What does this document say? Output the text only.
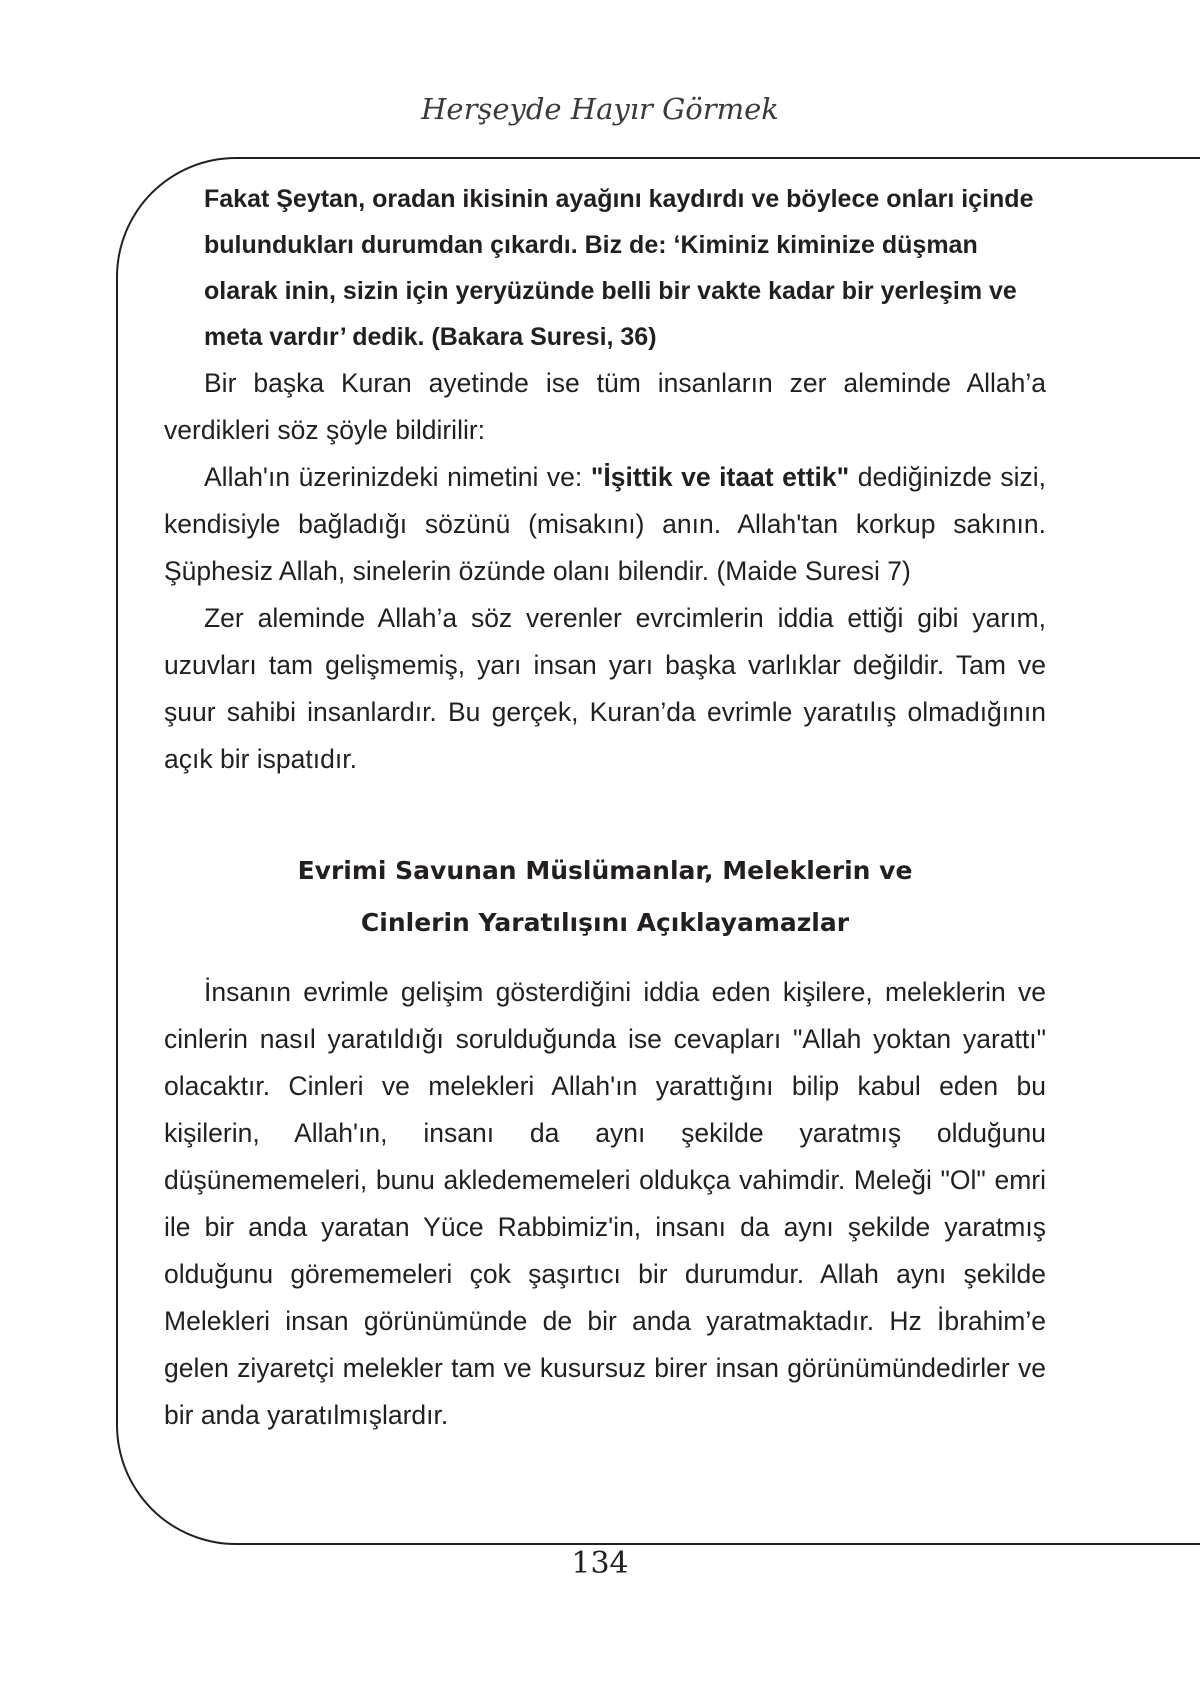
Herşeyde Hayır Görmek

Fakat Şeytan, oradan ikisinin ayağını kaydırdı ve böylece onları içinde bulundukları durumdan çıkardı. Biz de: ‘Kiminiz kiminize düşman olarak inin, sizin için yeryüzünde belli bir vakte kadar bir yerleşim ve meta vardır’ dedik. (Bakara Suresi, 36)

Bir başka Kuran ayetinde ise tüm insanların zer aleminde Allah’a verdikleri söz şöyle bildirilir:

Allah'ın üzerinizdeki nimetini ve: "İşittik ve itaat ettik" dediğinizde sizi, kendisiyle bağladığı sözünü (misakını) anın. Allah'tan korkup sakının. Şüphesiz Allah, sinelerin özünde olanı bilendir. (Maide Suresi 7)

Zer aleminde Allah’a söz verenler evrcimlerin iddia ettiği gibi yarım, uzuvları tam gelişmemiş, yarı insan yarı başka varlıklar değildir. Tam ve şuur sahibi insanlardır. Bu gerçek, Kuran’da evrimle yaratılış olmadığının açık bir ispatıdır.

Evrimi Savunan Müslümanlar, Meleklerin ve
Cinlerin Yaratılışını Açıklayamazlar

İnsanın evrimle gelişim gösterdiğini iddia eden kişilere, meleklerin ve cinlerin nasıl yaratıldığı sorulduğunda ise cevapları "Allah yoktan yarattı" olacaktır. Cinleri ve melekleri Allah'ın yarattığını bilip kabul eden bu kişilerin, Allah'ın, insanı da aynı şekilde yaratmış olduğunu düşünememeleri, bunu akledememeleri oldukça vahimdir. Meleği "Ol" emri ile bir anda yaratan Yüce Rabbimiz'in, insanı da aynı şekilde yaratmış olduğunu görememeleri çok şaşırtıcı bir durumdur. Allah aynı şekilde Melekleri insan görünümünde de bir anda yaratmaktadır. Hz İbrahim’e gelen ziyaretçi melekler tam ve kusursuz birer insan görünümündedirler ve bir anda yaratılmışlardır.

134
